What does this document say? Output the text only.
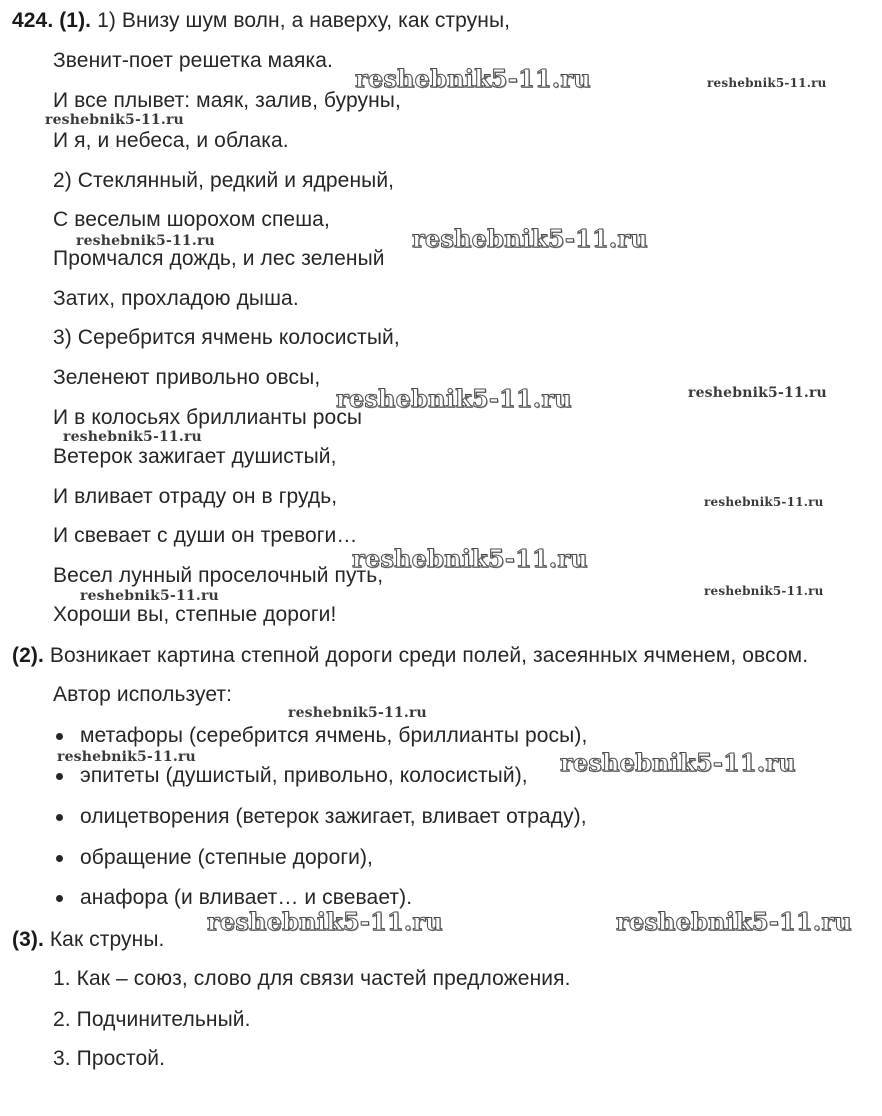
424. (1). 1) Внизу шум волн, а наверху, как струны,
Звенит-поет решетка маяка.
И все плывет: маяк, залив, буруны,
И я, и небеса, и облака.
2) Стеклянный, редкий и ядреный,
С веселым шорохом спеша,
Промчался дождь, и лес зеленый
Затих, прохладою дыша.
3) Серебрится ячмень колосистый,
Зеленеют привольно овсы,
И в колосьях бриллианты росы
Ветерок зажигает душистый,
И вливает отраду он в грудь,
И свевает с души он тревоги…
Весел лунный проселочный путь,
Хороши вы, степные дороги!
(2). Возникает картина степной дороги среди полей, засеянных ячменем, овсом.
Автор использует:
метафоры (серебрится ячмень, бриллианты росы),
эпитеты (душистый, привольно, колосистый),
олицетворения (ветерок зажигает, вливает отраду),
обращение (степные дороги),
анафора (и вливает… и свевает).
(3). Как струны.
1. Как – союз, слово для связи частей предложения.
2. Подчинительный.
3. Простой.
reshebnik5-11.ru	reshebnik5-11.ru
reshebnik5-11.ru
reshebnik5-11.ru	reshebnik5-11.ru
reshebnik5-11.ru	reshebnik5-11.ru
reshebnik5-11.ru
reshebnik5-11.ru
reshebnik5-11.ru
reshebnik5-11.ru	reshebnik5-11.ru
reshebnik5-11.ru
reshebnik5-11.ru	reshebnik5-11.ru
reshebnik5-11.ru	reshebnik5-11.ru
